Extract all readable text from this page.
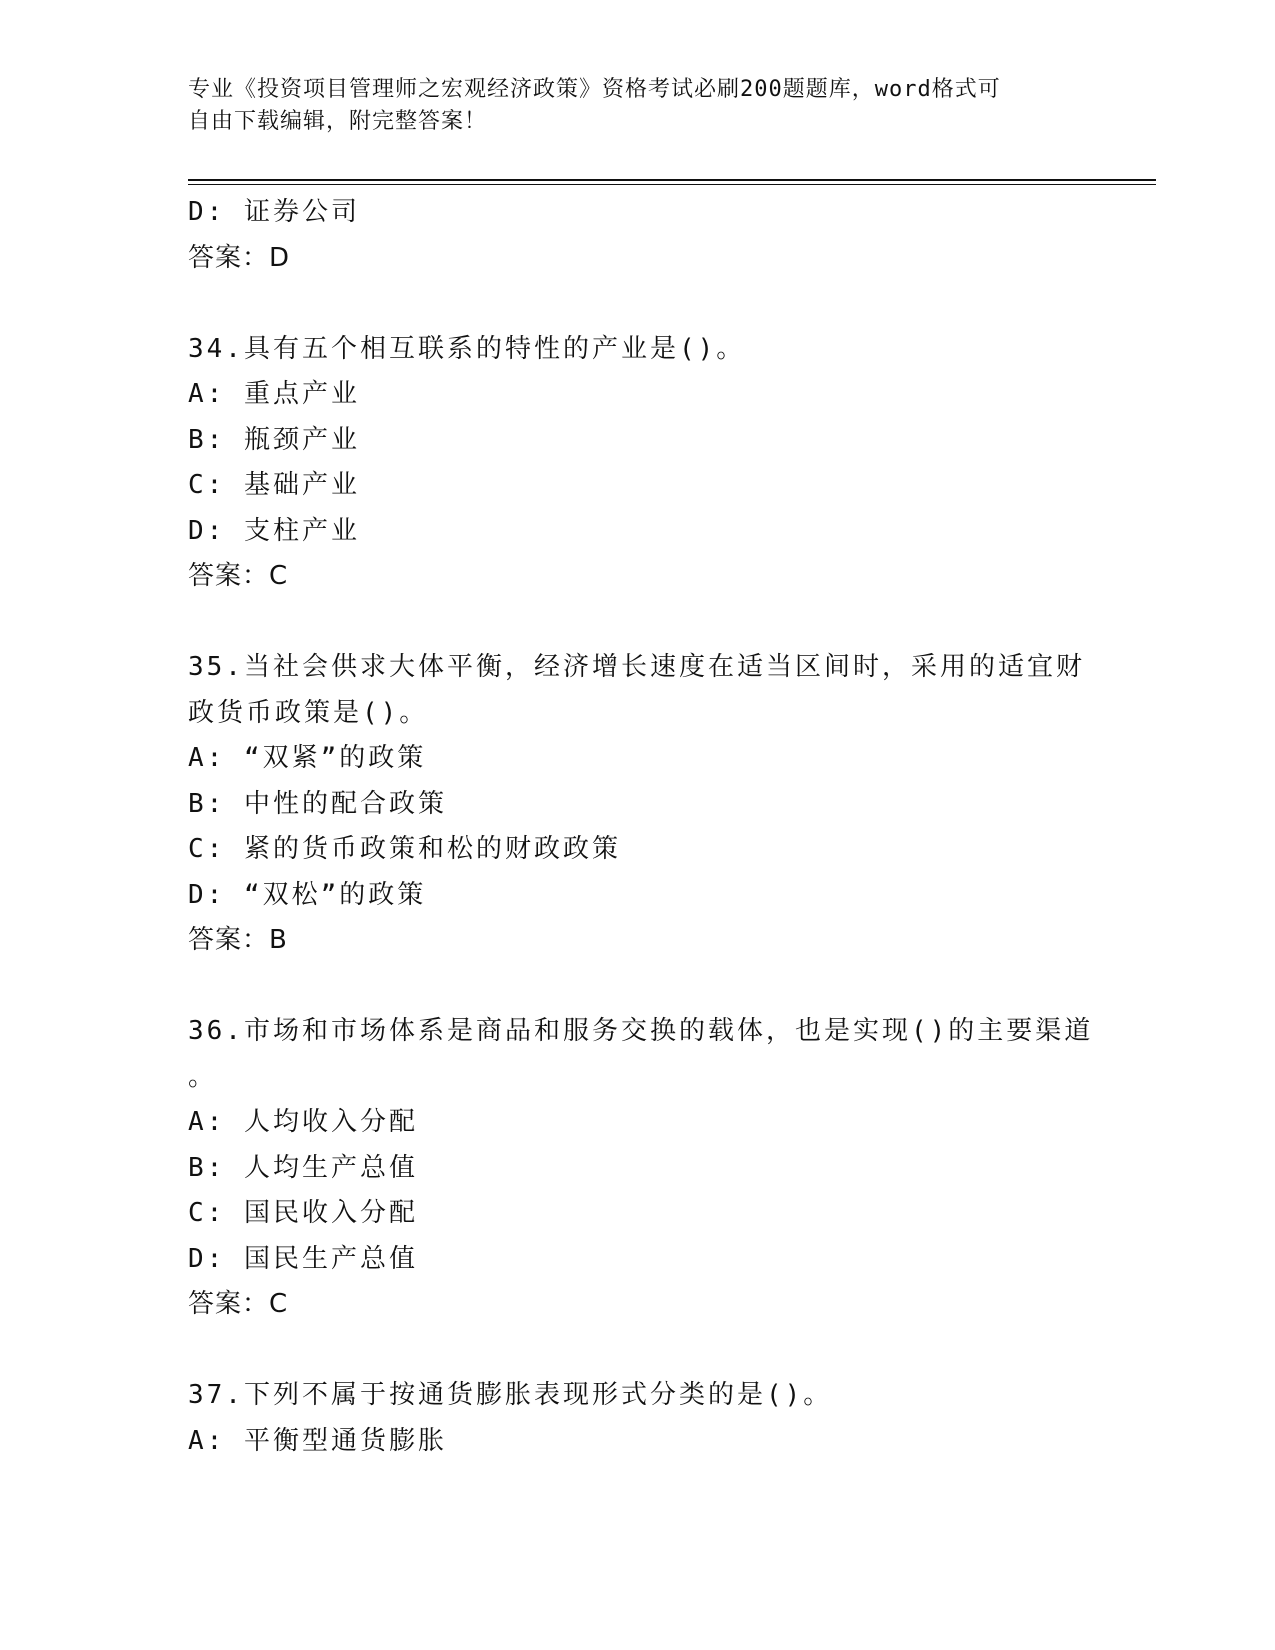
专业《投资项目管理师之宏观经济政策》资格考试必刷200题题库，word格式可
自由下载编辑，附完整答案！
D: 证券公司
答案：D
34.具有五个相互联系的特性的产业是()。
A: 重点产业
B: 瓶颈产业
C: 基础产业
D: 支柱产业
答案：C
35.当社会供求大体平衡，经济增长速度在适当区间时，采用的适宜财
政货币政策是()。
A: “双紧”的政策
B: 中性的配合政策
C: 紧的货币政策和松的财政政策
D: “双松”的政策
答案：B
36.市场和市场体系是商品和服务交换的载体，也是实现()的主要渠道
。
A: 人均收入分配
B: 人均生产总值
C: 国民收入分配
D: 国民生产总值
答案：C
37.下列不属于按通货膨胀表现形式分类的是()。
A: 平衡型通货膨胀
